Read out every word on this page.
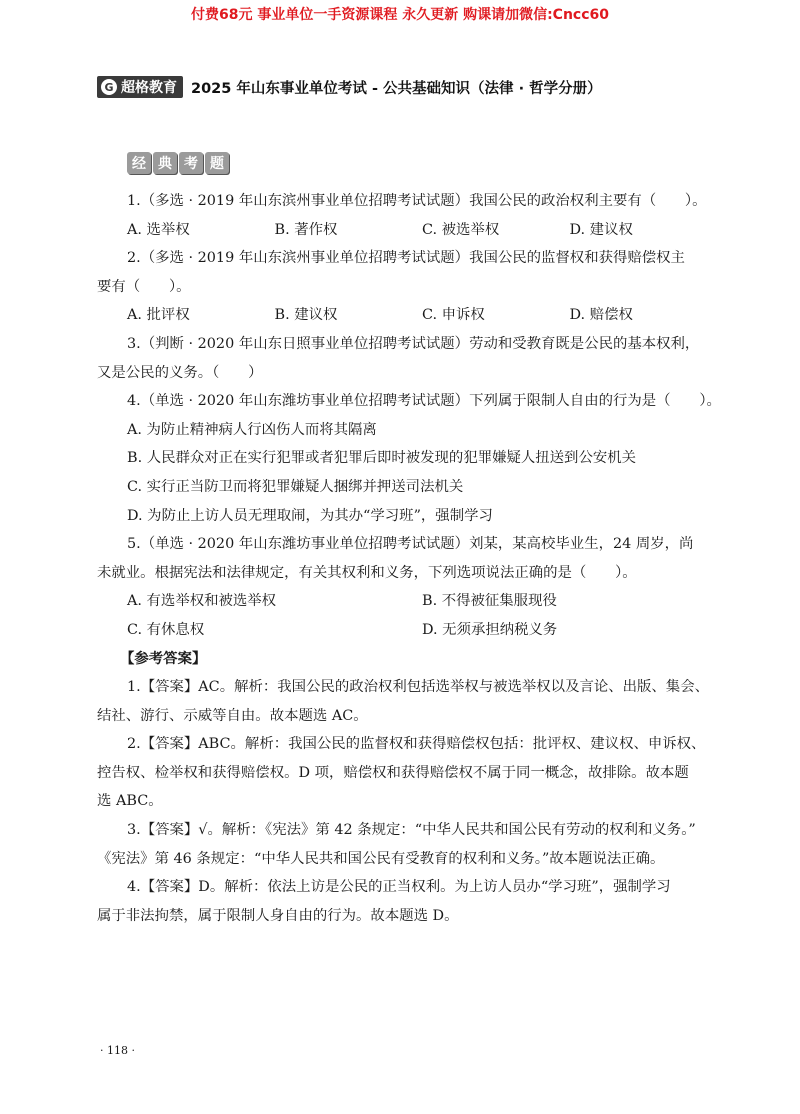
付费68元 事业单位一手资源课程 永久更新 购课请加微信:Cncc60
G 超格教育 2025 年山东事业单位考试 - 公共基础知识（法律 · 哲学分册）
经 典 考 题

1.（多选 · 2019 年山东滨州事业单位招聘考试试题）我国公民的政治权利主要有（　　）。

A. 选举权	B. 著作权	C. 被选举权	D. 建议权

2.（多选 · 2019 年山东滨州事业单位招聘考试试题）我国公民的监督权和获得赔偿权主

要有（　　）。

A. 批评权	B. 建议权	C. 申诉权	D. 赔偿权

3.（判断 · 2020 年山东日照事业单位招聘考试试题）劳动和受教育既是公民的基本权利，

又是公民的义务。（　　）

4.（单选 · 2020 年山东潍坊事业单位招聘考试试题）下列属于限制人自由的行为是（　　）。

A. 为防止精神病人行凶伤人而将其隔离

B. 人民群众对正在实行犯罪或者犯罪后即时被发现的犯罪嫌疑人扭送到公安机关

C. 实行正当防卫而将犯罪嫌疑人捆绑并押送司法机关

D. 为防止上访人员无理取闹，为其办“学习班”，强制学习

5.（单选 · 2020 年山东潍坊事业单位招聘考试试题）刘某，某高校毕业生，24 周岁，尚

未就业。根据宪法和法律规定，有关其权利和义务，下列选项说法正确的是（　　）。

A. 有选举权和被选举权	B. 不得被征集服现役
C. 有休息权	D. 无须承担纳税义务

【参考答案】

1.【答案】AC。解析：我国公民的政治权利包括选举权与被选举权以及言论、出版、集会、

结社、游行、示威等自由。故本题选 AC。

2.【答案】ABC。解析：我国公民的监督权和获得赔偿权包括：批评权、建议权、申诉权、

控告权、检举权和获得赔偿权。D 项，赔偿权和获得赔偿权不属于同一概念，故排除。故本题

选 ABC。

3.【答案】√。解析：《宪法》第 42 条规定：“中华人民共和国公民有劳动的权利和义务。”

《宪法》第 46 条规定：“中华人民共和国公民有受教育的权利和义务。”故本题说法正确。

4.【答案】D。解析：依法上访是公民的正当权利。为上访人员办“学习班”，强制学习

属于非法拘禁，属于限制人身自由的行为。故本题选 D。

· 118 ·
